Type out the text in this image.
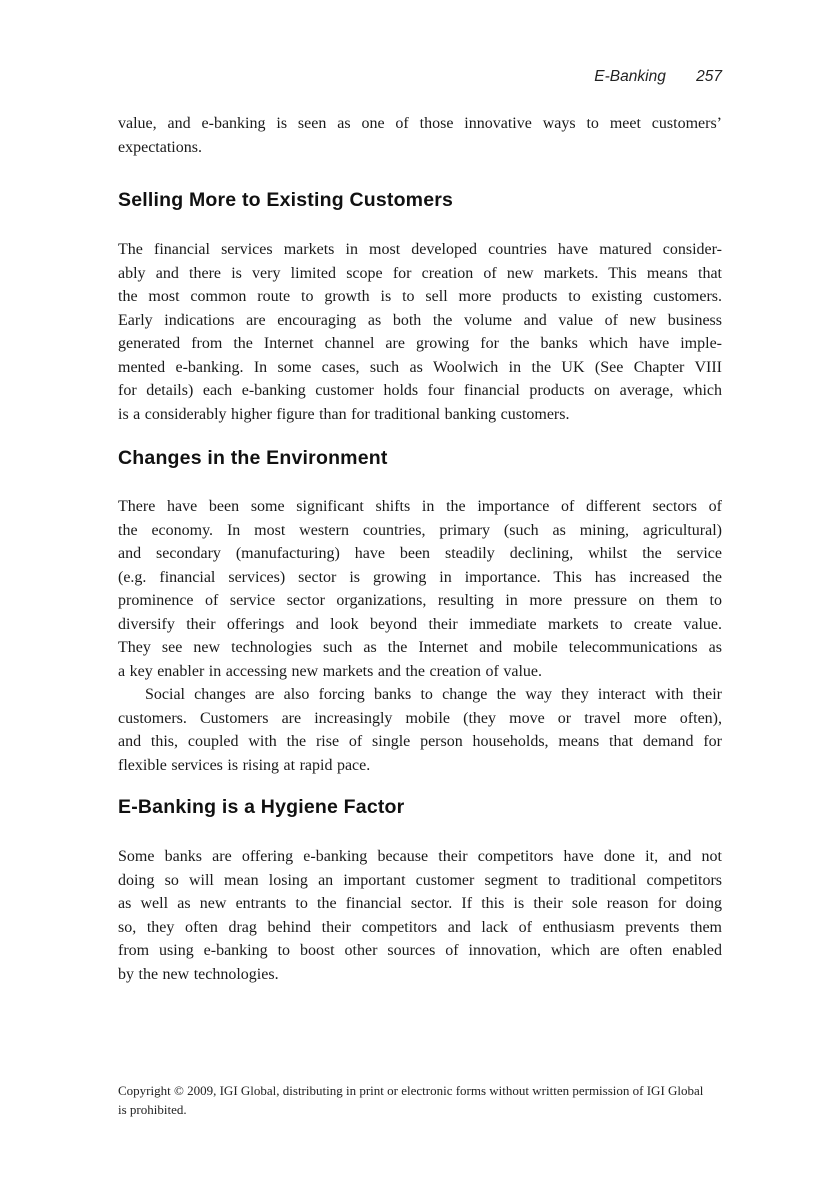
E-Banking 257
value, and e-banking is seen as one of those innovative ways to meet customers’
expectations.
Selling More to Existing Customers
The financial services markets in most developed countries have matured consider-
ably and there is very limited scope for creation of new markets. This means that
the most common route to growth is to sell more products to existing customers.
Early indications are encouraging as both the volume and value of new business
generated from the Internet channel are growing for the banks which have imple-
mented e-banking. In some cases, such as Woolwich in the UK (See Chapter VIII
for details) each e-banking customer holds four financial products on average, which
is a considerably higher figure than for traditional banking customers.
Changes in the Environment
There have been some significant shifts in the importance of different sectors of
the economy. In most western countries, primary (such as mining, agricultural)
and secondary (manufacturing) have been steadily declining, whilst the service
(e.g. financial services) sector is growing in importance. This has increased the
prominence of service sector organizations, resulting in more pressure on them to
diversify their offerings and look beyond their immediate markets to create value.
They see new technologies such as the Internet and mobile telecommunications as
a key enabler in accessing new markets and the creation of value.
Social changes are also forcing banks to change the way they interact with their
customers. Customers are increasingly mobile (they move or travel more often),
and this, coupled with the rise of single person households, means that demand for
flexible services is rising at rapid pace.
E-Banking is a Hygiene Factor
Some banks are offering e-banking because their competitors have done it, and not
doing so will mean losing an important customer segment to traditional competitors
as well as new entrants to the financial sector. If this is their sole reason for doing
so, they often drag behind their competitors and lack of enthusiasm prevents them
from using e-banking to boost other sources of innovation, which are often enabled
by the new technologies.
Copyright © 2009, IGI Global, distributing in print or electronic forms without written permission of IGI Global
is prohibited.
